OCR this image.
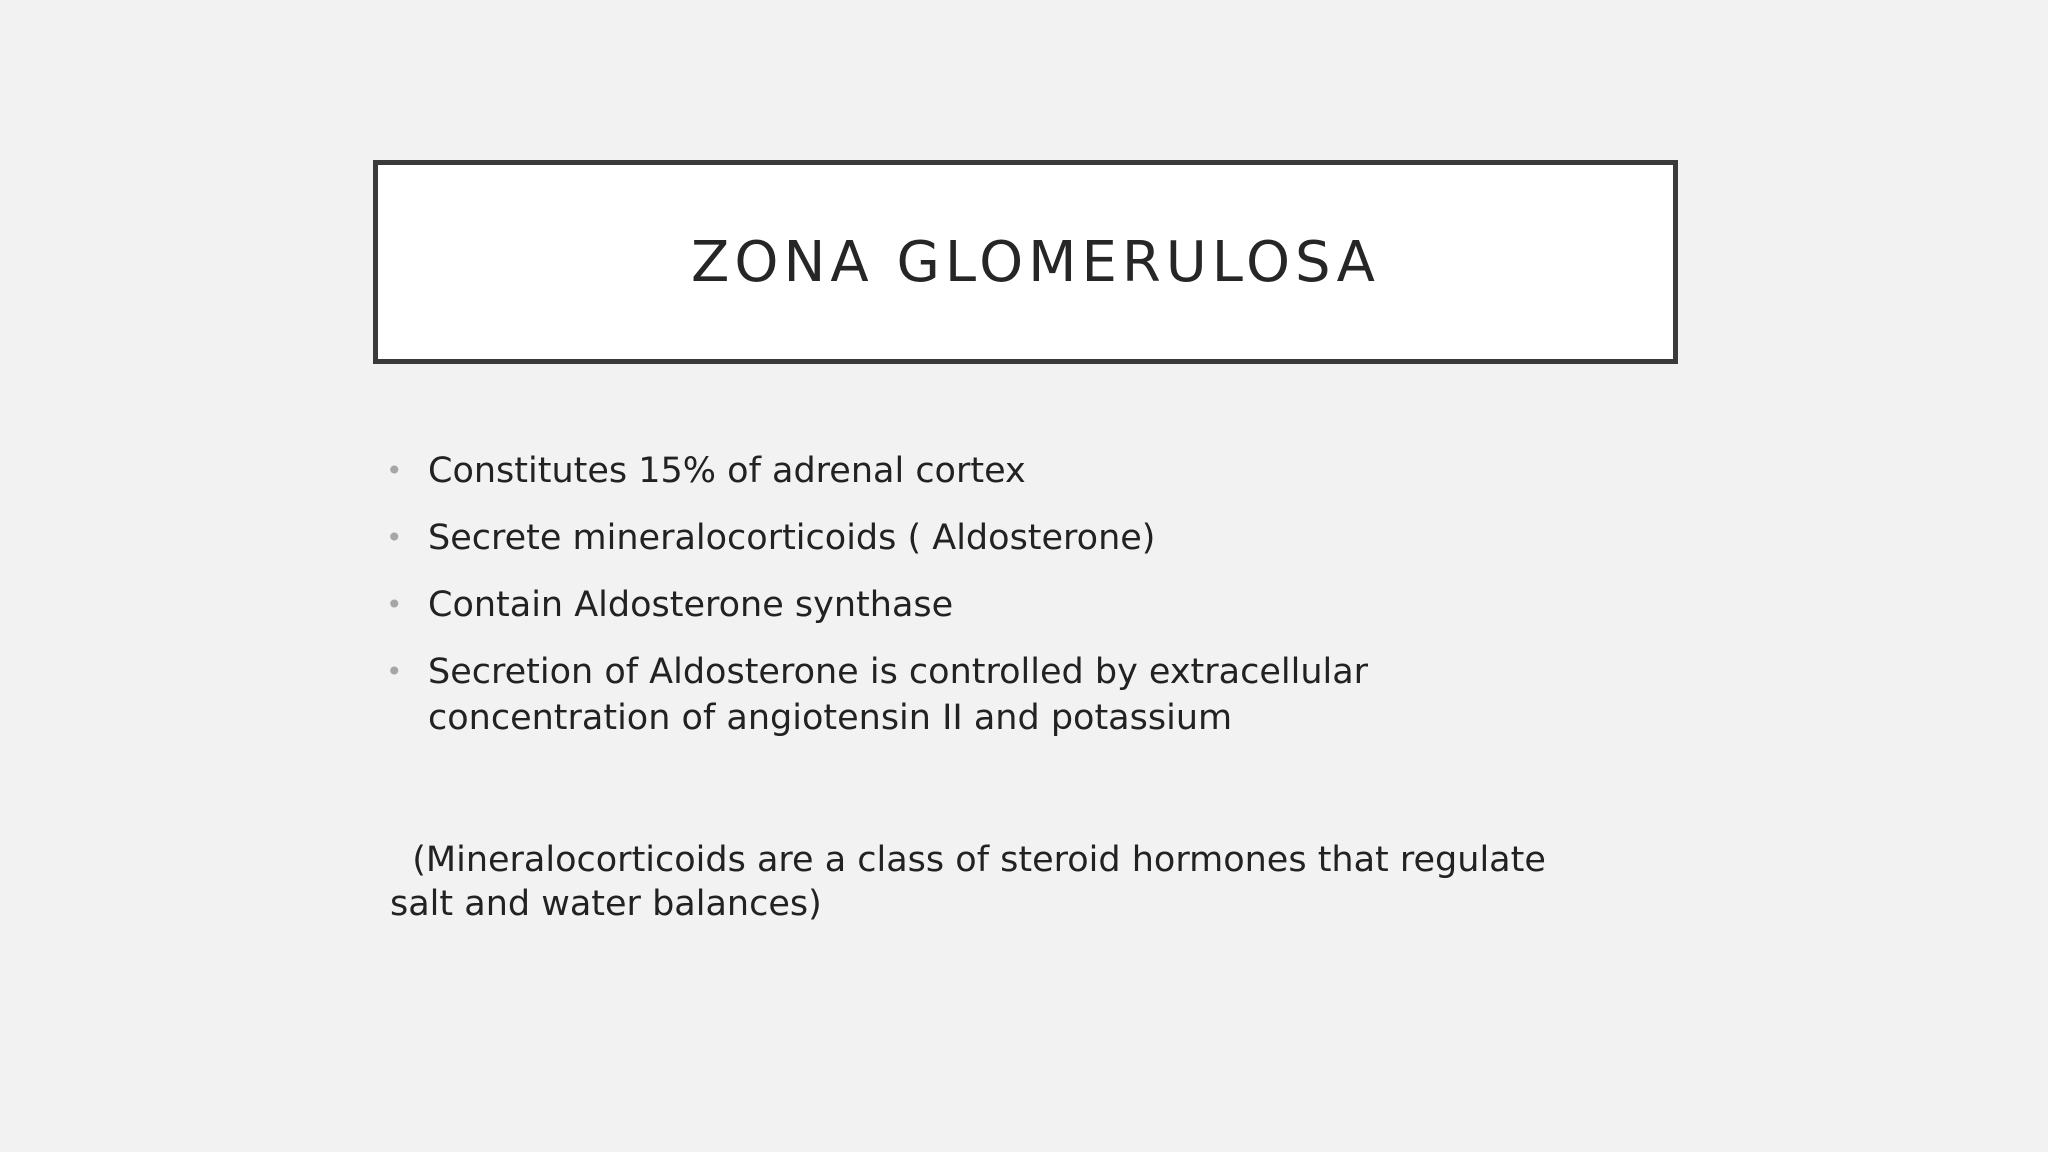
ZONA GLOMERULOSA
• Constitutes 15% of adrenal cortex
• Secrete mineralocorticoids ( Aldosterone)
• Contain Aldosterone synthase
• Secretion of Aldosterone is controlled by extracellular concentration of angiotensin II and potassium

(Mineralocorticoids are a class of steroid hormones that regulate salt and water balances)
